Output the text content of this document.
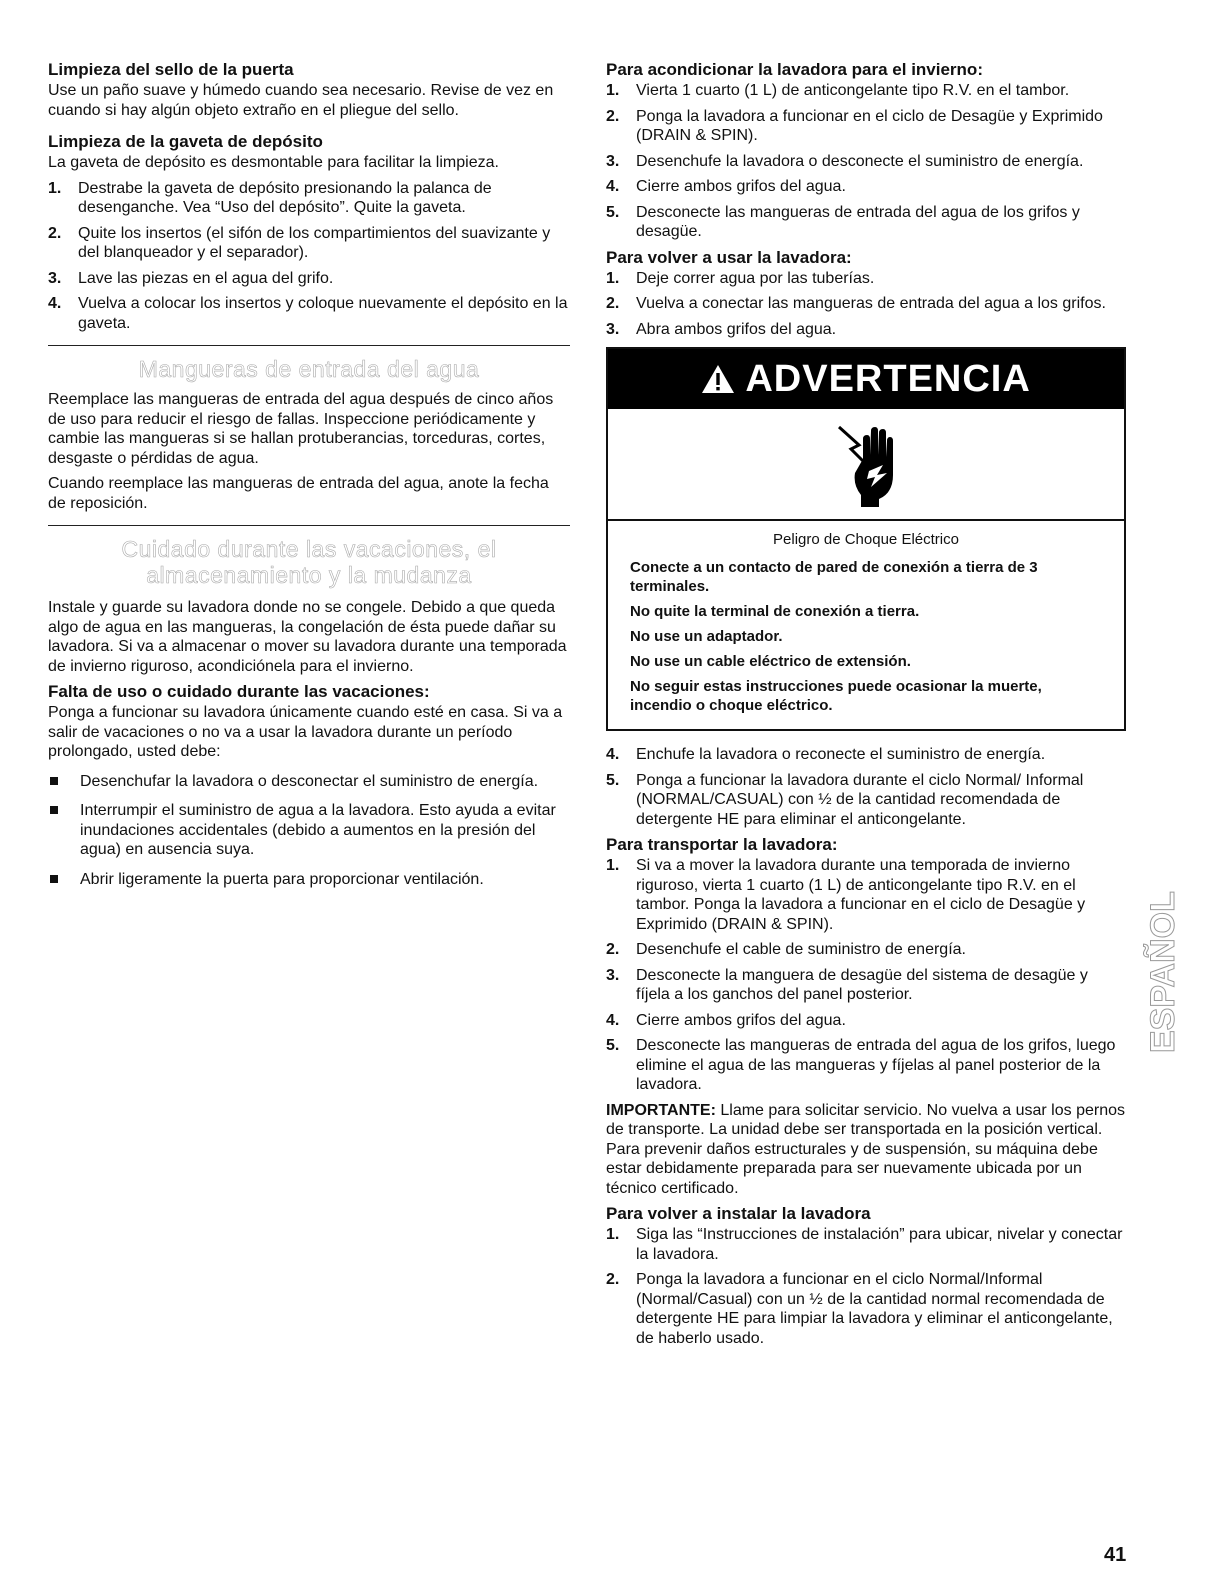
Limpieza del sello de la puerta

Use un paño suave y húmedo cuando sea necesario. Revise de vez en cuando si hay algún objeto extraño en el pliegue del sello.

Limpieza de la gaveta de depósito

La gaveta de depósito es desmontable para facilitar la limpieza.

1. Destrabe la gaveta de depósito presionando la palanca de desenganche. Vea “Uso del depósito”. Quite la gaveta.
2. Quite los insertos (el sifón de los compartimientos del suavizante y del blanqueador y el separador).
3. Lave las piezas en el agua del grifo.
4. Vuelva a colocar los insertos y coloque nuevamente el depósito en la gaveta.
Mangueras de entrada del agua

Reemplace las mangueras de entrada del agua después de cinco años de uso para reducir el riesgo de fallas. Inspeccione periódicamente y cambie las mangueras si se hallan protuberancias, torceduras, cortes, desgaste o pérdidas de agua.

Cuando reemplace las mangueras de entrada del agua, anote la fecha de reposición.

Cuidado durante las vacaciones, el
almacenamiento y la mudanza

Instale y guarde su lavadora donde no se congele. Debido a que queda algo de agua en las mangueras, la congelación de ésta puede dañar su lavadora. Si va a almacenar o mover su lavadora durante una temporada de invierno riguroso, acondiciónela para el invierno.

Falta de uso o cuidado durante las vacaciones:

Ponga a funcionar su lavadora únicamente cuando esté en casa. Si va a salir de vacaciones o no va a usar la lavadora durante un período prolongado, usted debe:

Desenchufar la lavadora o desconectar el suministro de energía.
Interrumpir el suministro de agua a la lavadora. Esto ayuda a evitar inundaciones accidentales (debido a aumentos en la presión del agua) en ausencia suya.
Abrir ligeramente la puerta para proporcionar ventilación.
Para acondicionar la lavadora para el invierno:
1. Vierta 1 cuarto (1 L) de anticongelante tipo R.V. en el tambor.
2. Ponga la lavadora a funcionar en el ciclo de Desagüe y Exprimido (DRAIN & SPIN).
3. Desenchufe la lavadora o desconecte el suministro de energía.
4. Cierre ambos grifos del agua.
5. Desconecte las mangueras de entrada del agua de los grifos y desagüe.
Para volver a usar la lavadora:
1. Deje correr agua por las tuberías.
2. Vuelva a conectar las mangueras de entrada del agua a los grifos.
3. Abra ambos grifos del agua.
ADVERTENCIA
Peligro de Choque Eléctrico

Conecte a un contacto de pared de conexión a tierra de 3 terminales.

No quite la terminal de conexión a tierra.

No use un adaptador.

No use un cable eléctrico de extensión.

No seguir estas instrucciones puede ocasionar la muerte, incendio o choque eléctrico.

4. Enchufe la lavadora o reconecte el suministro de energía.
5. Ponga a funcionar la lavadora durante el ciclo Normal/ Informal (NORMAL/CASUAL) con ½ de la cantidad recomendada de detergente HE para eliminar el anticongelante.
Para transportar la lavadora:
1. Si va a mover la lavadora durante una temporada de invierno riguroso, vierta 1 cuarto (1 L) de anticongelante tipo R.V. en el tambor. Ponga la lavadora a funcionar en el ciclo de Desagüe y Exprimido (DRAIN & SPIN).
2. Desenchufe el cable de suministro de energía.
3. Desconecte la manguera de desagüe del sistema de desagüe y fíjela a los ganchos del panel posterior.
4. Cierre ambos grifos del agua.
5. Desconecte las mangueras de entrada del agua de los grifos, luego elimine el agua de las mangueras y fíjelas al panel posterior de la lavadora.

IMPORTANTE: Llame para solicitar servicio. No vuelva a usar los pernos de transporte. La unidad debe ser transportada en la posición vertical. Para prevenir daños estructurales y de suspensión, su máquina debe estar debidamente preparada para ser nuevamente ubicada por un técnico certificado.

Para volver a instalar la lavadora
1. Siga las “Instrucciones de instalación” para ubicar, nivelar y conectar la lavadora.
2. Ponga la lavadora a funcionar en el ciclo Normal/Informal (Normal/Casual) con un ½ de la cantidad normal recomendada de detergente HE para limpiar la lavadora y eliminar el anticongelante, de haberlo usado.
ESPAÑOL
41
